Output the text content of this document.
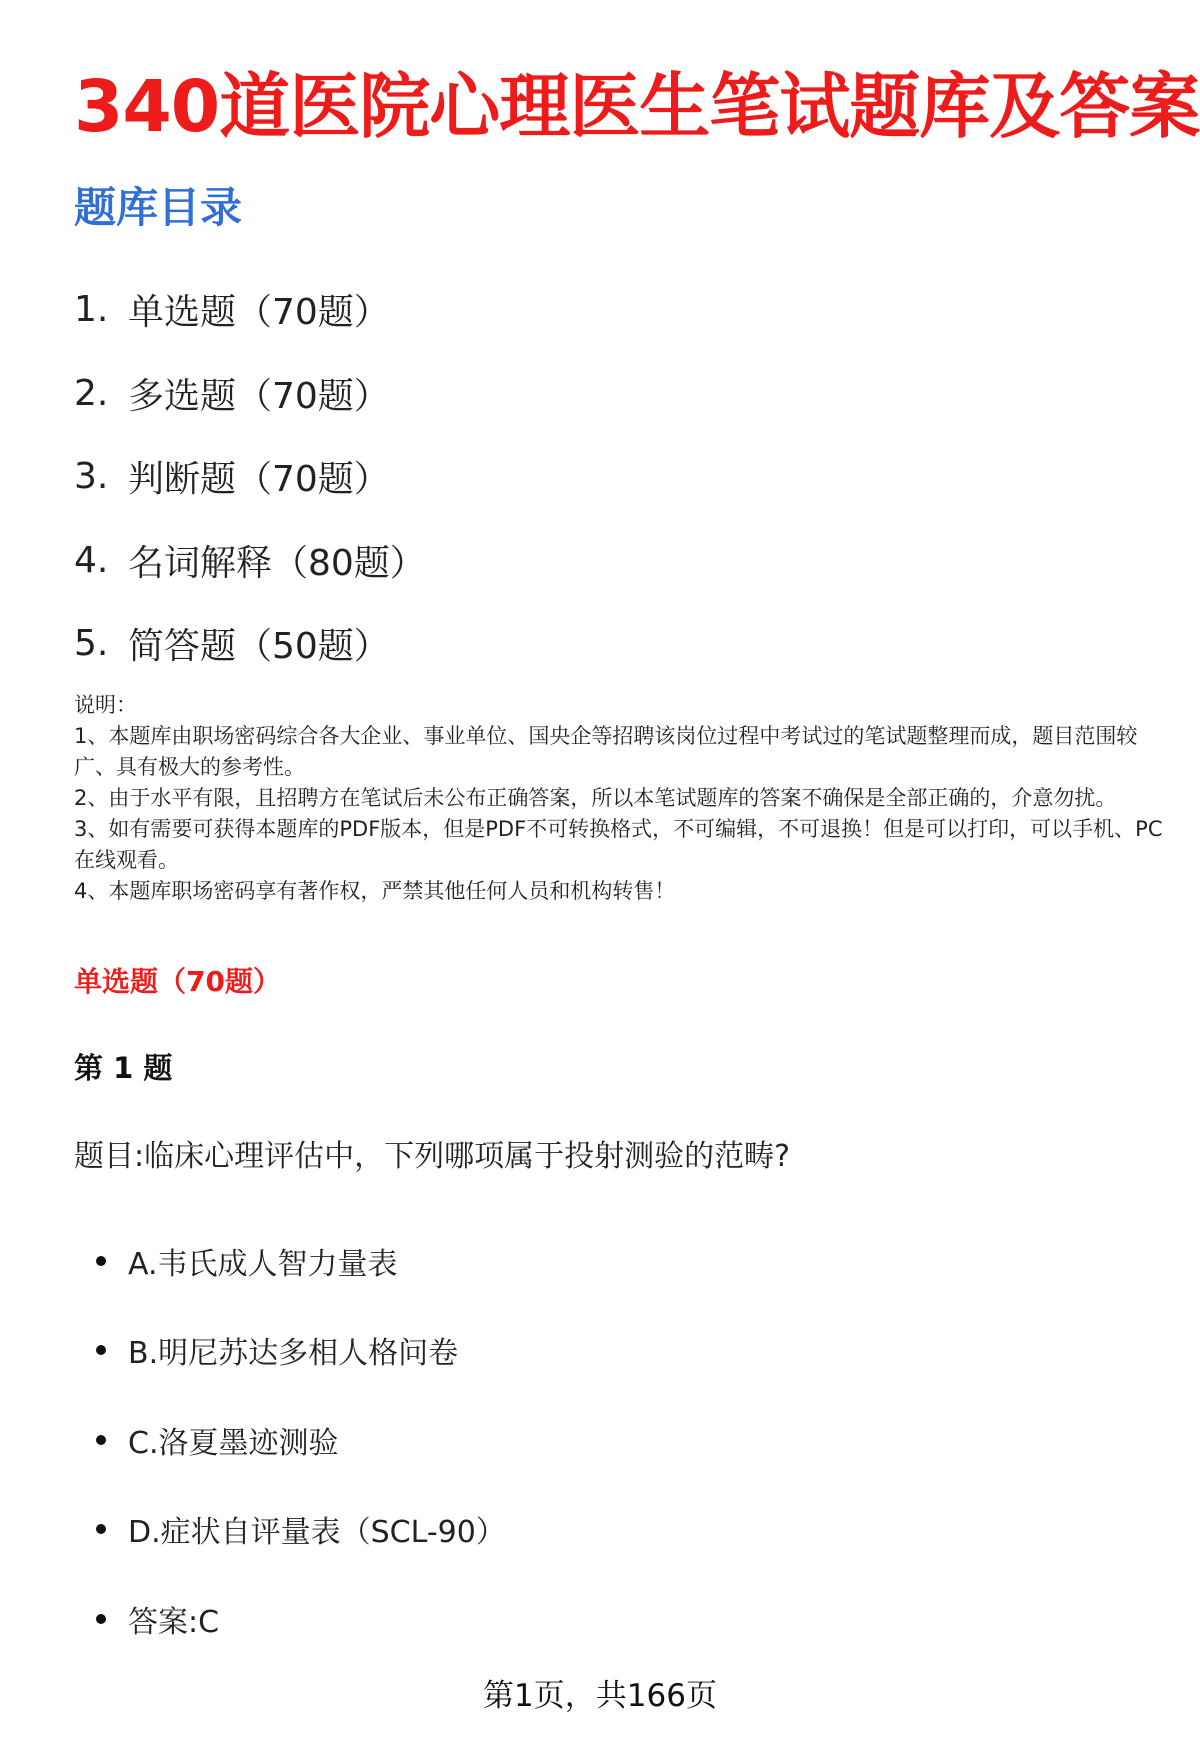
340道医院心理医生笔试题库及答案
题库目录
1. 单选题（70题）
2. 多选题（70题）
3. 判断题（70题）
4. 名词解释（80题）
5. 简答题（50题）

说明：

1、本题库由职场密码综合各大企业、事业单位、国央企等招聘该岗位过程中考试过的笔试题整理而成，题目范围较广、具有极大的参考性。

2、由于水平有限，且招聘方在笔试后未公布正确答案，所以本笔试题库的答案不确保是全部正确的，介意勿扰。

3、如有需要可获得本题库的PDF版本，但是PDF不可转换格式，不可编辑，不可退换！但是可以打印，可以手机、PC在线观看。

4、本题库职场密码享有著作权，严禁其他任何人员和机构转售！

单选题（70题）
第 1 题
题目:临床心理评估中，下列哪项属于投射测验的范畴?
A.韦氏成人智力量表
B.明尼苏达多相人格问卷
C.洛夏墨迹测验
D.症状自评量表（SCL-90）
答案:C
第1页，共166页
